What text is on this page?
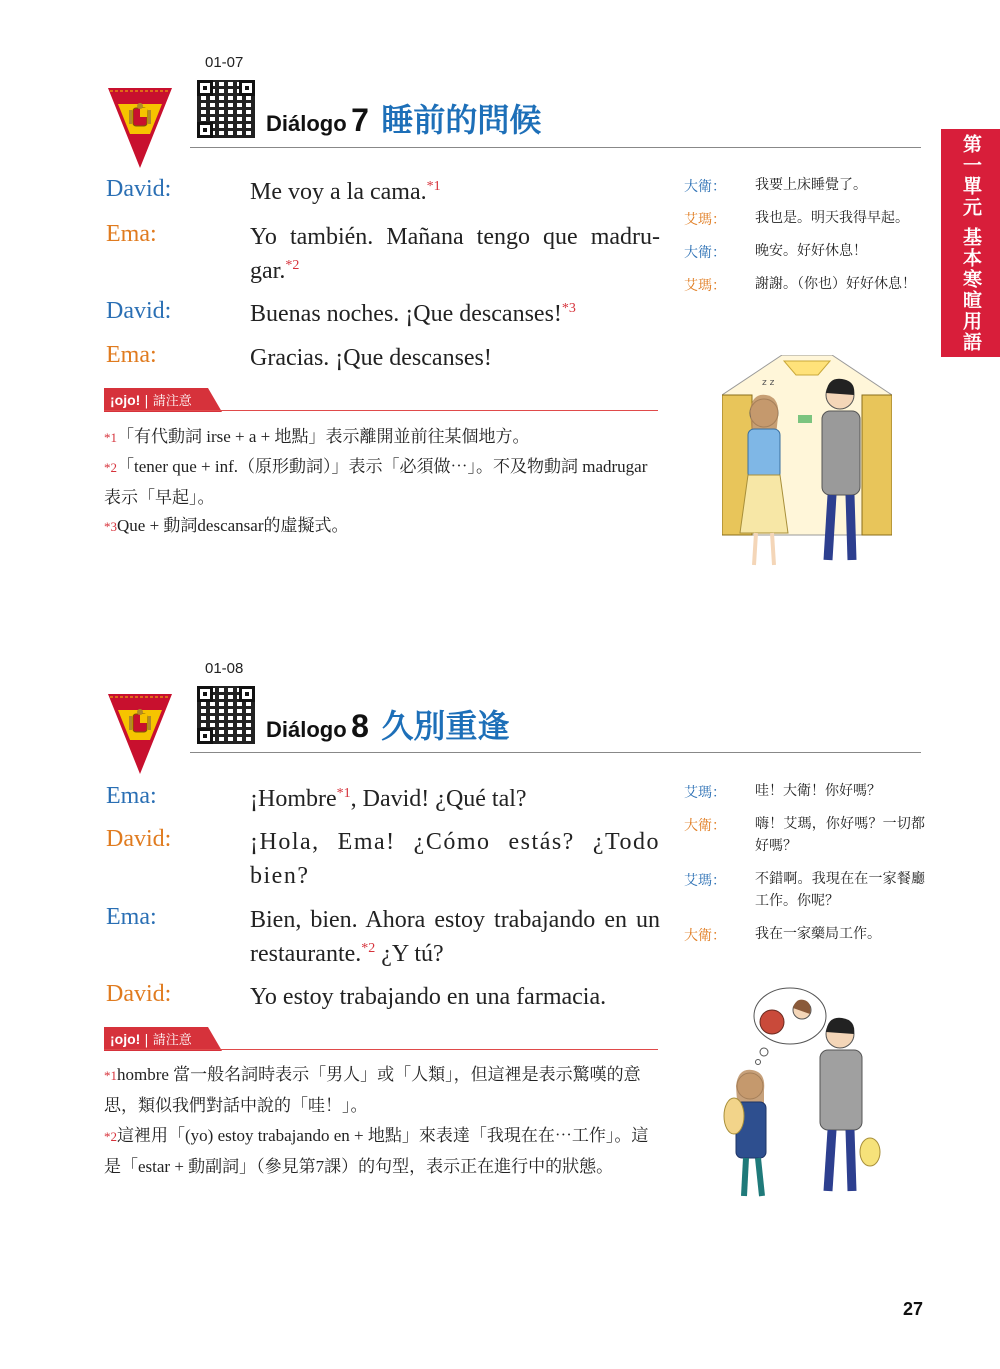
第一單元 基本寒暄用語
01-07
Diálogo 7 睡前的問候
David:	Me voy a la cama.$^{*1}$
Ema:	Yo también. Mañana tengo que madru-gar.$^{*2}$
David:	Buenas noches. ¡Que descanses!$^{*3}$
Ema:	Gracias. ¡Que descanses!
¡ojo! | 請注意
*1「有代動詞 irse + a + 地點」表示離開並前往某個地方。
*2「tener que + inf.（原形動詞）」表示「必須做⋯」。不及物動詞 madrugar 表示「早起」。
*3Que + 動詞descansar的虛擬式。
大衛： 我要上床睡覺了。
艾瑪： 我也是。明天我得早起。
大衛： 晚安。好好休息！
艾瑪： 謝謝。（你也）好好休息！
z z
01-08
Diálogo 8 久別重逢
Ema:	¡Hombre$^{*1}$, David! ¿Qué tal?
David:	¡Hola, Ema! ¿Cómo estás? ¿Todo bien?
Ema:	Bien, bien. Ahora estoy trabajando en un restaurante.$^{*2}$ ¿Y tú?
David:	Yo estoy trabajando en una farmacia.
¡ojo! | 請注意
*1hombre 當一般名詞時表示「男人」或「人類」，但這裡是表示驚嘆的意思，類似我們對話中說的「哇！」。
*2這裡用「(yo) estoy trabajando en + 地點」來表達「我現在在⋯工作」。這是「estar + 動副詞」（參見第7課）的句型，表示正在進行中的狀態。
艾瑪： 哇！大衛！你好嗎？
大衛： 嗨！艾瑪，你好嗎？一切都好嗎？
艾瑪： 不錯啊。我現在在一家餐廳工作。你呢？
大衛： 我在一家藥局工作。
27
